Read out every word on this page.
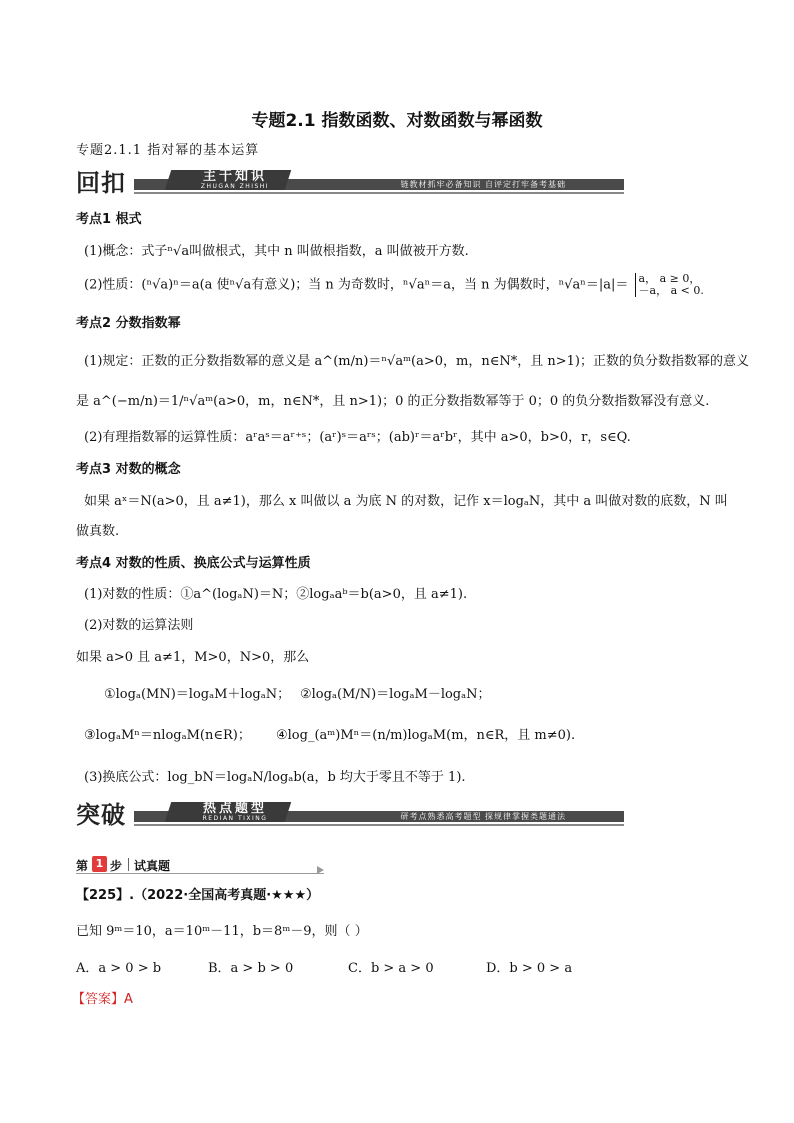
专题2.1 指数函数、对数函数与幂函数
专题2.1.1 指对幂的基本运算
回扣	主干知识
ZHUGAN ZHISHI	链教材抓牢必备知识 自评定打牢备考基础
考点1 根式
(1)概念：式子ⁿ√a叫做根式，其中 n 叫做根指数，a 叫做被开方数.
(2)性质：(ⁿ√a)ⁿ＝a(a 使ⁿ√a有意义)；当 n 为奇数时，ⁿ√aⁿ＝a，当 n 为偶数时，ⁿ√aⁿ＝|a|＝ a， a ≥ 0，
－a， a < 0.
考点2 分数指数幂
(1)规定：正数的正分数指数幂的意义是 a^(m/n)＝ⁿ√aᵐ(a>0，m，n∈N*，且 n>1)；正数的负分数指数幂的意义
是 a^(−m/n)＝1/ⁿ√aᵐ(a>0，m，n∈N*，且 n>1)；0 的正分数指数幂等于 0；0 的负分数指数幂没有意义.
(2)有理指数幂的运算性质：aʳaˢ＝aʳ⁺ˢ；(aʳ)ˢ＝aʳˢ；(ab)ʳ＝aʳbʳ，其中 a>0，b>0，r，s∈Q.
考点3 对数的概念
如果 aˣ＝N(a>0，且 a≠1)，那么 x 叫做以 a 为底 N 的对数，记作 x＝logₐN，其中 a 叫做对数的底数，N 叫
做真数.
考点4 对数的性质、换底公式与运算性质
(1)对数的性质：①a^(logₐN)＝N；②logₐaᵇ＝b(a>0，且 a≠1).
(2)对数的运算法则
如果 a>0 且 a≠1，M>0，N>0，那么
①logₐ(MN)＝logₐM＋logₐN； ②logₐ(M/N)＝logₐM－logₐN；
③logₐMⁿ＝nlogₐM(n∈R)； ④log_(aᵐ)Mⁿ＝(n/m)logₐM(m，n∈R，且 m≠0).
(3)换底公式：log_bN＝logₐN/logₐb(a，b 均大于零且不等于 1).
突破	热点题型
REDIAN TIXING	研考点熟悉高考题型 探规律掌握类题通法
第 1 步 试真题
【225】.（2022·全国高考真题·★★★）
已知 9ᵐ＝10，a＝10ᵐ－11，b＝8ᵐ－9，则（ ）
A．a > 0 > b	B．a > b > 0	C．b > a > 0	D．b > 0 > a
【答案】A
